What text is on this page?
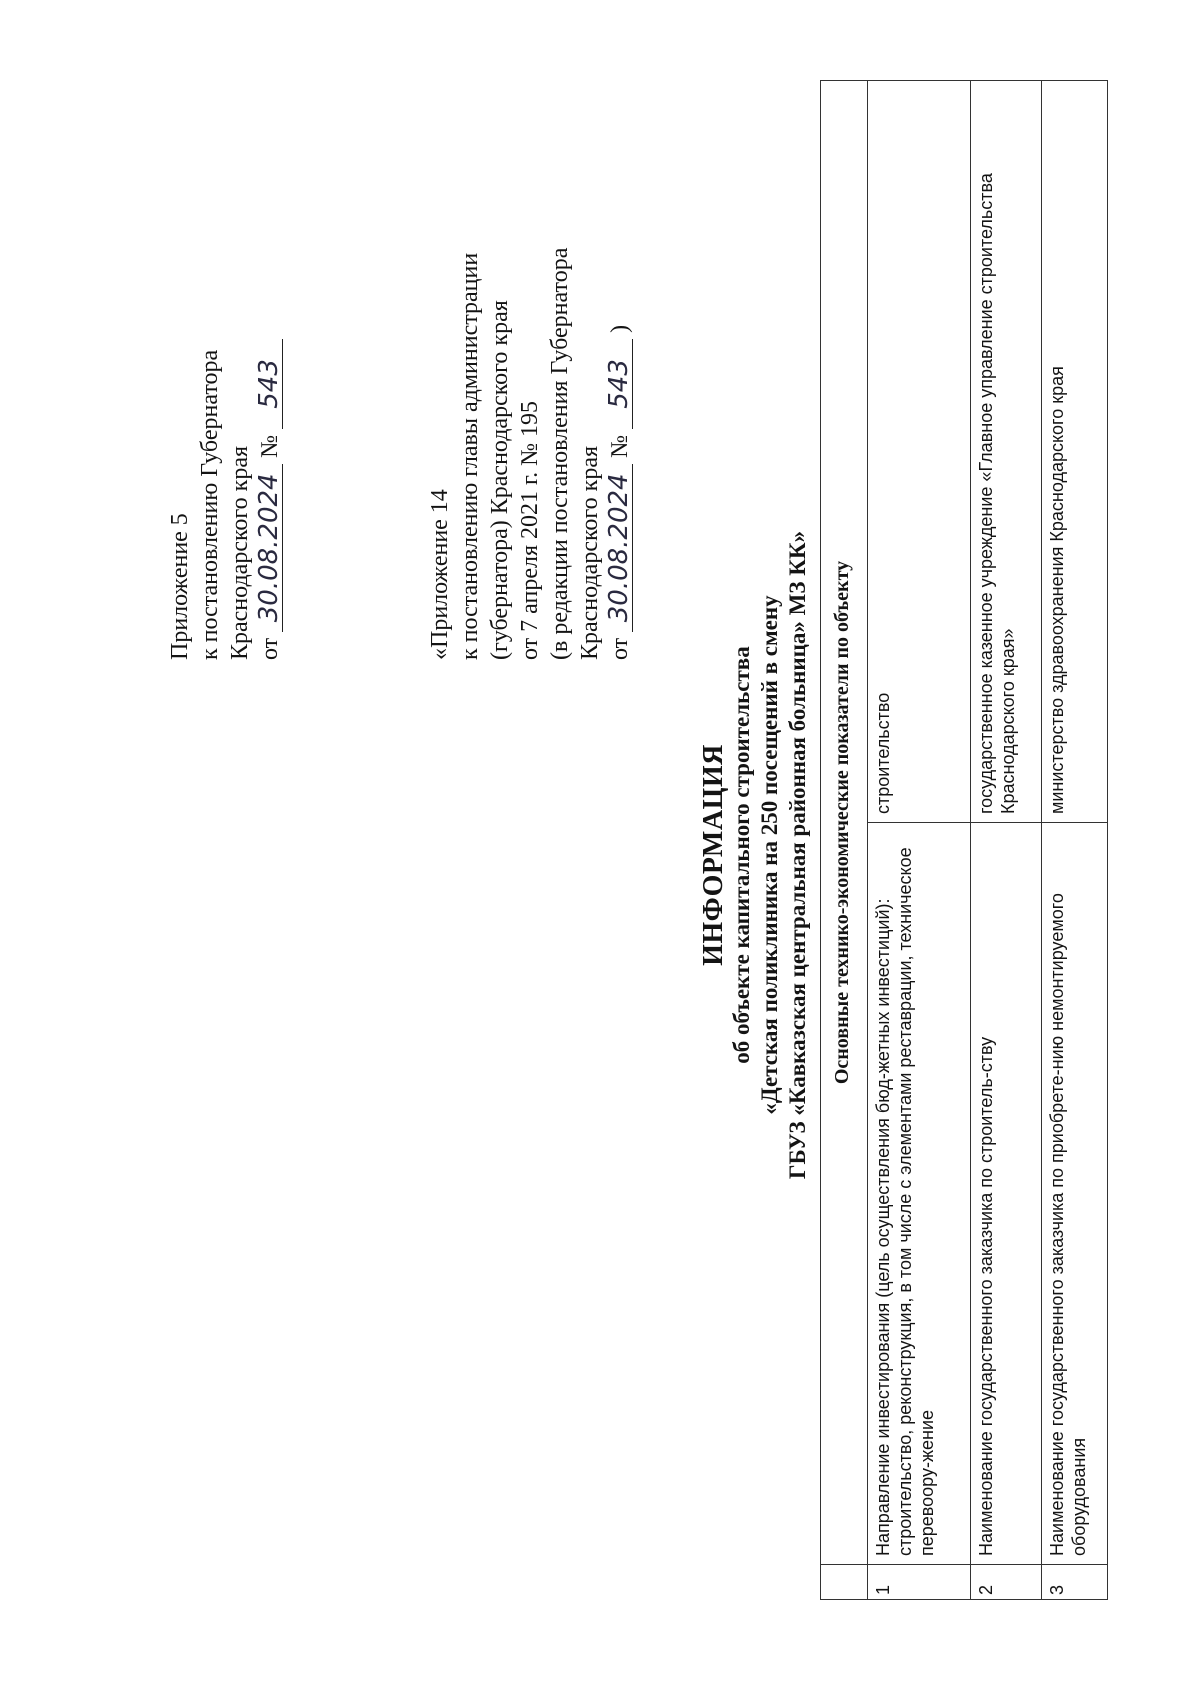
Приложение 5 к постановлению Губернатора Краснодарского края от 30.08.2024 № 543
«Приложение 14 к постановлению главы администрации (губернатора) Краснодарского края от 7 апреля 2021 г. № 195 (в редакции постановления Губернатора Краснодарского края от 30.08.2024 № 543 )
ИНФОРМАЦИЯ об объекте капитального строительства «Детская поликлиника на 250 посещений в смену ГБУЗ «Кавказская центральная районная больница» МЗ КК»
	Основные технико-экономические показатели по объекту	
1	Направление инвестирования (цель осуществления бюд-жетных инвестиций): строительство, реконструкция, в том числе с элементами реставрации, техническое перевоору-жение	строительство
2	Наименование государственного заказчика по строитель-ству	государственное казенное учреждение «Главное управление строительства Краснодарского края»
3	Наименование государственного заказчика по приобрете-нию немонтируемого оборудования	министерство здравоохранения Краснодарского края
